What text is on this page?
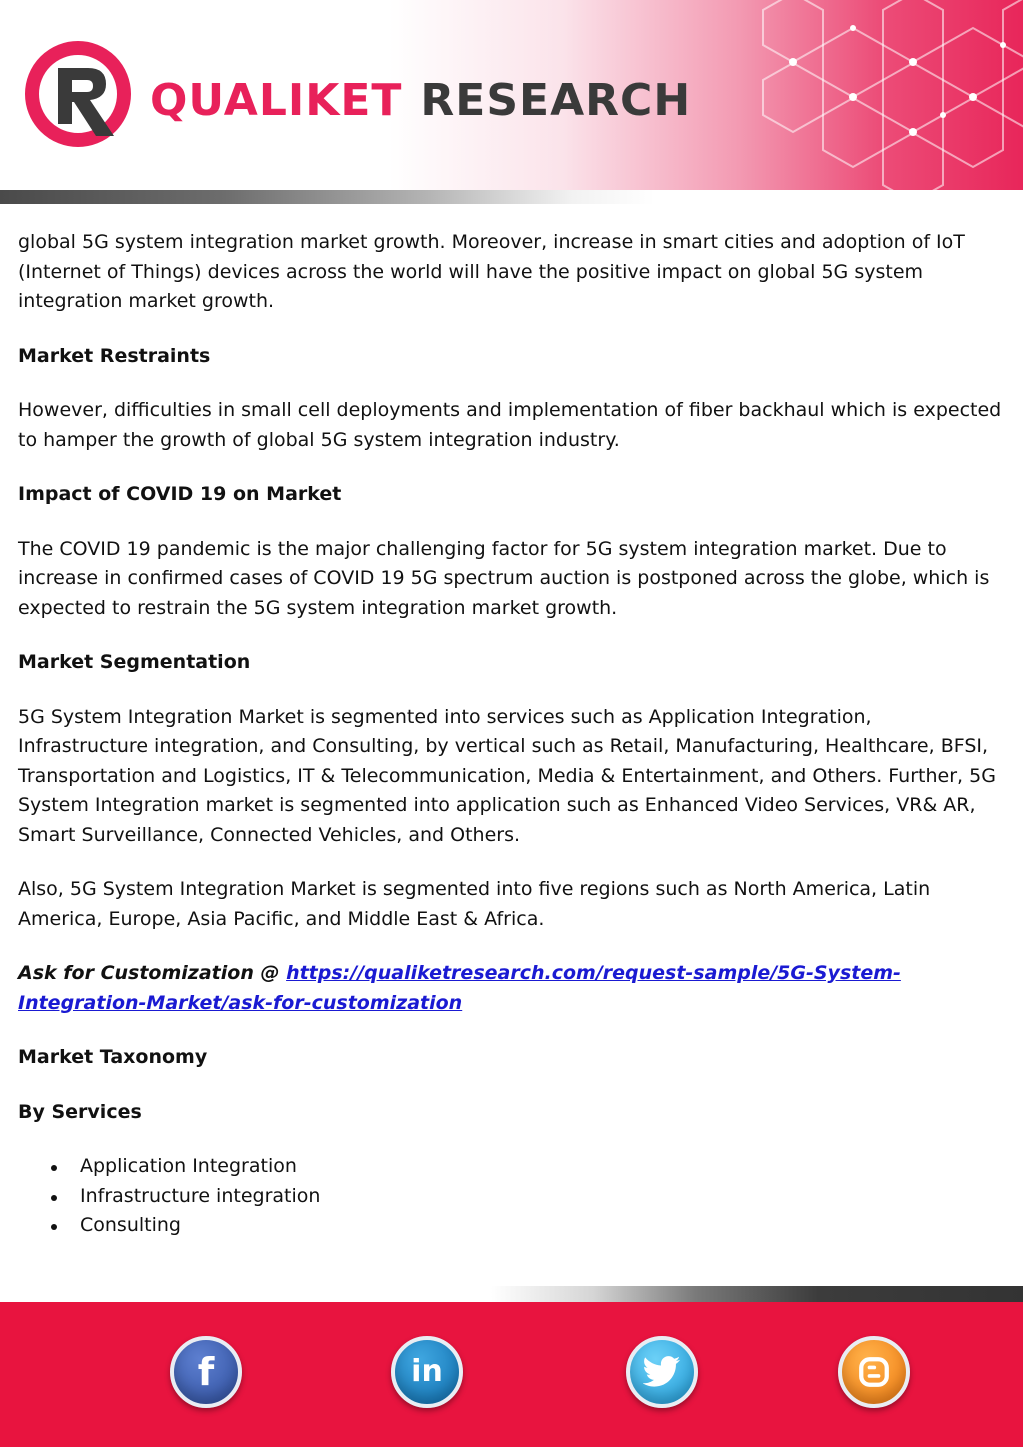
QUALIKET RESEARCH

global 5G system integration market growth. Moreover, increase in smart cities and adoption of IoT (Internet of Things) devices across the world will have the positive impact on global 5G system integration market growth.

Market Restraints

However, difficulties in small cell deployments and implementation of fiber backhaul which is expected to hamper the growth of global 5G system integration industry.

Impact of COVID 19 on Market

The COVID 19 pandemic is the major challenging factor for 5G system integration market. Due to increase in confirmed cases of COVID 19 5G spectrum auction is postponed across the globe, which is expected to restrain the 5G system integration market growth.

Market Segmentation

5G System Integration Market is segmented into services such as Application Integration, Infrastructure integration, and Consulting, by vertical such as Retail, Manufacturing, Healthcare, BFSI, Transportation and Logistics, IT & Telecommunication, Media & Entertainment, and Others. Further, 5G System Integration market is segmented into application such as Enhanced Video Services, VR& AR, Smart Surveillance, Connected Vehicles, and Others.

Also, 5G System Integration Market is segmented into five regions such as North America, Latin America, Europe, Asia Pacific, and Middle East & Africa.

Ask for Customization @ https://qualiketresearch.com/request-sample/5G-System-Integration-Market/ask-for-customization

Market Taxonomy
By Services
Application Integration
Infrastructure integration
Consulting
f	in
